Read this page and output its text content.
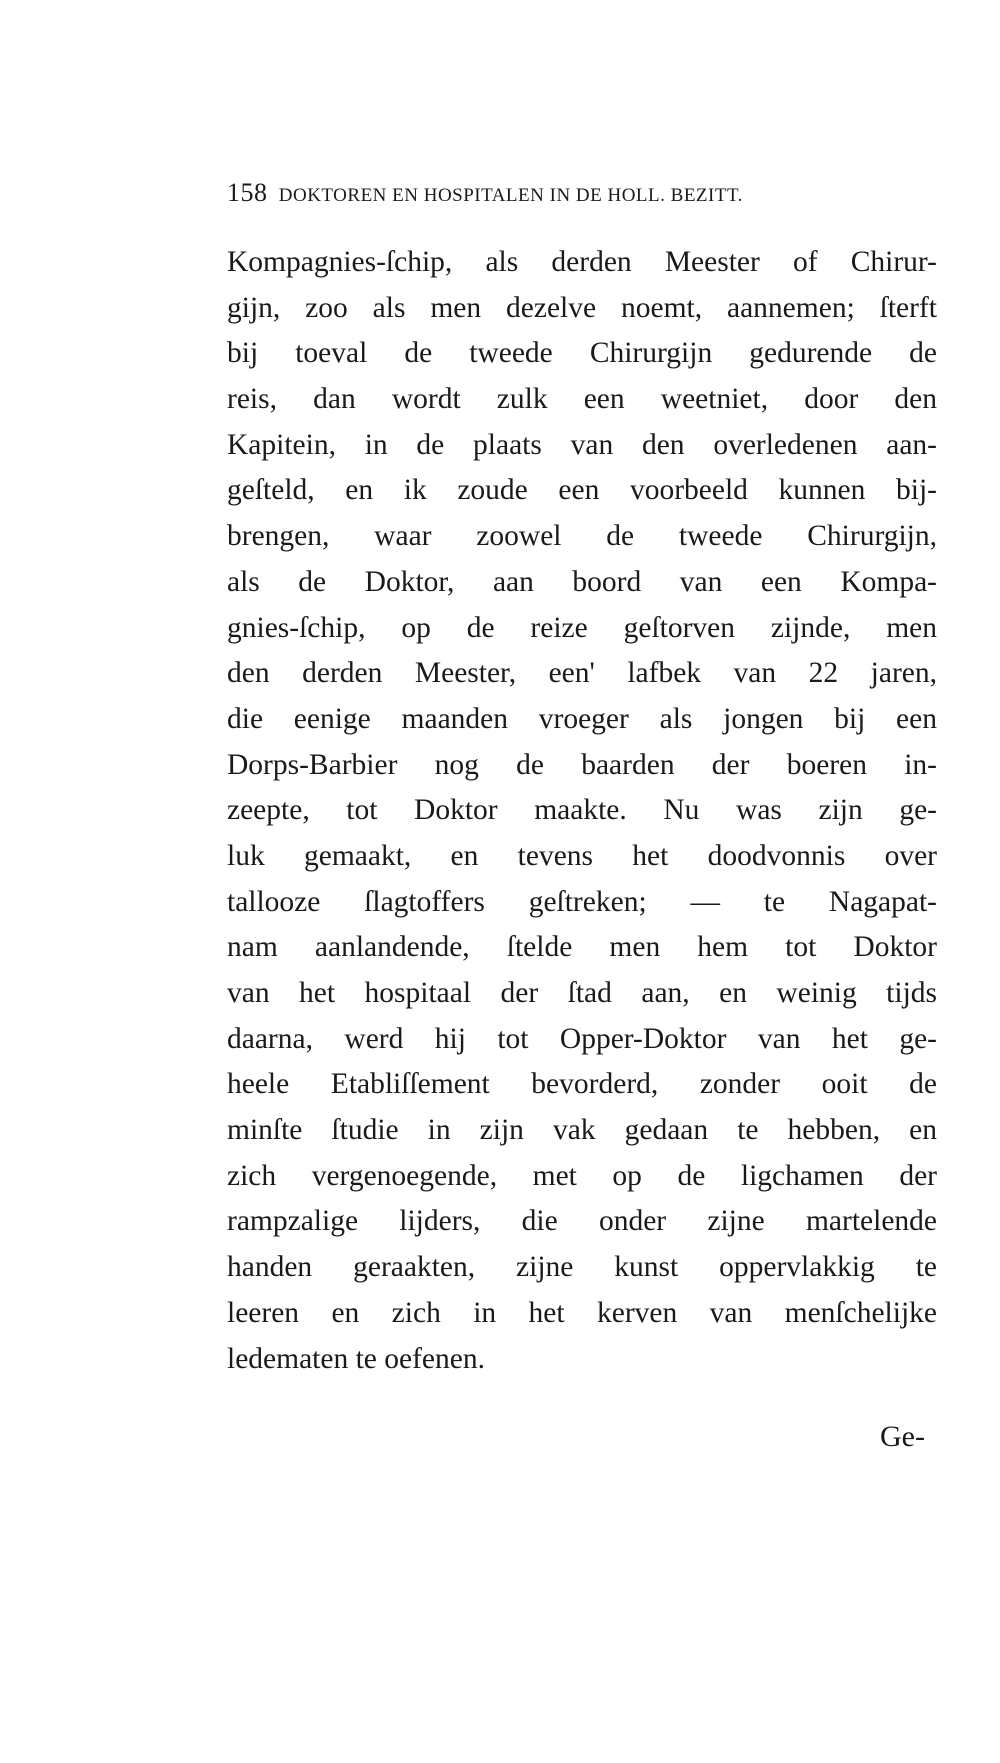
158 DOKTOREN EN HOSPITALEN IN DE HOLL. BEZITT.
Kompagnies-ſchip, als derden Meester of Chirur-
gijn, zoo als men dezelve noemt, aannemen; ſterft
bij toeval de tweede Chirurgijn gedurende de
reis, dan wordt zulk een weetniet, door den
Kapitein, in de plaats van den overledenen aan-
geſteld, en ik zoude een voorbeeld kunnen bij-
brengen, waar zoowel de tweede Chirurgijn,
als de Doktor, aan boord van een Kompa-
gnies-ſchip, op de reize geſtorven zijnde, men
den derden Meester, een' lafbek van 22 jaren,
die eenige maanden vroeger als jongen bij een
Dorps-Barbier nog de baarden der boeren in-
zeepte, tot Doktor maakte. Nu was zijn ge-
luk gemaakt, en tevens het doodvonnis over
tallooze ſlagtoffers geſtreken; — te Nagapat-
nam aanlandende, ſtelde men hem tot Doktor
van het hospitaal der ſtad aan, en weinig tijds
daarna, werd hij tot Opper-Doktor van het ge-
heele Etabliſſement bevorderd, zonder ooit de
minſte ſtudie in zijn vak gedaan te hebben, en
zich vergenoegende, met op de ligchamen der
rampzalige lijders, die onder zijne martelende
handen geraakten, zijne kunst oppervlakkig te
leeren en zich in het kerven van menſchelijke
ledematen te oefenen.
Ge-
